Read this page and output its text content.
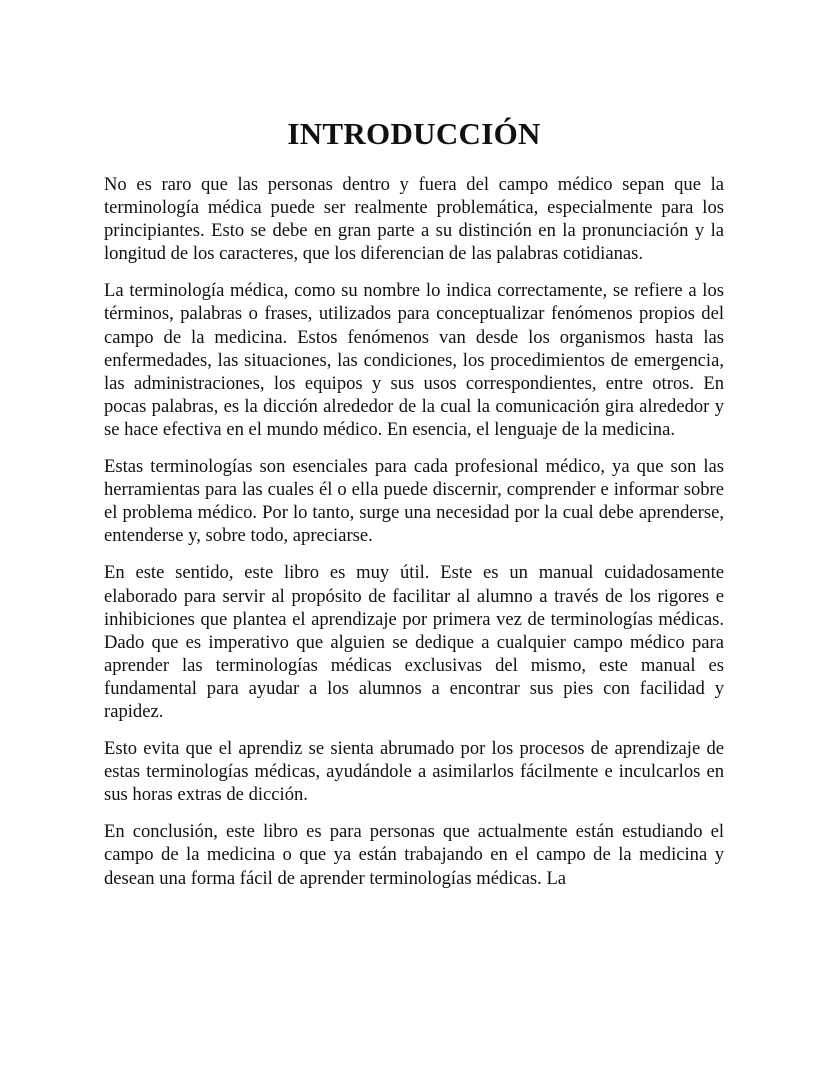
INTRODUCCIÓN

No es raro que las personas dentro y fuera del campo médico sepan que la terminología médica puede ser realmente problemática, especialmente para los principiantes. Esto se debe en gran parte a su distinción en la pronunciación y la longitud de los caracteres, que los diferencian de las palabras cotidianas.

La terminología médica, como su nombre lo indica correctamente, se refiere a los términos, palabras o frases, utilizados para conceptualizar fenómenos propios del campo de la medicina. Estos fenómenos van desde los organismos hasta las enfermedades, las situaciones, las condiciones, los procedimientos de emergencia, las administraciones, los equipos y sus usos correspondientes, entre otros. En pocas palabras, es la dicción alrededor de la cual la comunicación gira alrededor y se hace efectiva en el mundo médico. En esencia, el lenguaje de la medicina.

Estas terminologías son esenciales para cada profesional médico, ya que son las herramientas para las cuales él o ella puede discernir, comprender e informar sobre el problema médico. Por lo tanto, surge una necesidad por la cual debe aprenderse, entenderse y, sobre todo, apreciarse.

En este sentido, este libro es muy útil. Este es un manual cuidadosamente elaborado para servir al propósito de facilitar al alumno a través de los rigores e inhibiciones que plantea el aprendizaje por primera vez de terminologías médicas. Dado que es imperativo que alguien se dedique a cualquier campo médico para aprender las terminologías médicas exclusivas del mismo, este manual es fundamental para ayudar a los alumnos a encontrar sus pies con facilidad y rapidez.

Esto evita que el aprendiz se sienta abrumado por los procesos de aprendizaje de estas terminologías médicas, ayudándole a asimilarlos fácilmente e inculcarlos en sus horas extras de dicción.

En conclusión, este libro es para personas que actualmente están estudiando el campo de la medicina o que ya están trabajando en el campo de la medicina y desean una forma fácil de aprender terminologías médicas. La
